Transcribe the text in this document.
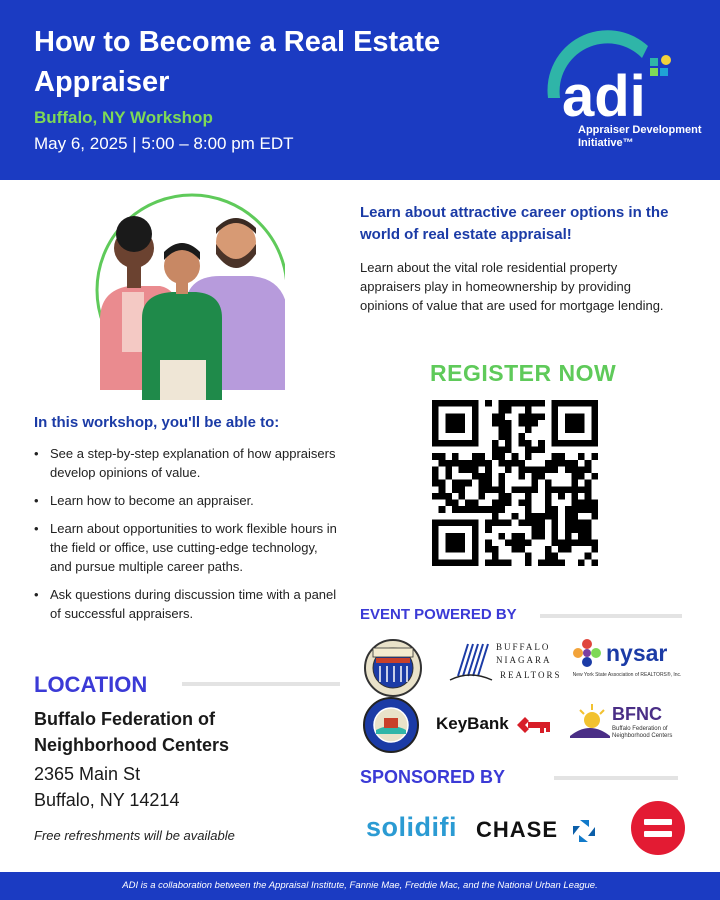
How to Become a Real Estate Appraiser
Buffalo, NY Workshop
May 6, 2025 | 5:00 – 8:00 pm EDT
adi
Appraiser Development
Initiative™
Learn about attractive career options in the world of real estate appraisal!
Learn about the vital role residential property appraisers play in homeownership by providing opinions of value that are used for mortgage lending.
REGISTER NOW
In this workshop, you'll be able to:
• See a step-by-step explanation of how appraisers develop opinions of value.
• Learn how to become an appraiser.
• Learn about opportunities to work flexible hours in the field or office, use cutting-edge technology, and pursue multiple career paths.
• Ask questions during discussion time with a panel of successful appraisers.	EVENT POWERED BY
BUFFALO
NIAGARA
REALTORS
nysar
New York State Association of REALTORS®, Inc.
KeyBank	BFNC
Buffalo Federation of Neighborhood Centers
LOCATION
Buffalo Federation of Neighborhood Centers
2365 Main St
Buffalo, NY 14214
Free refreshments will be available
SPONSORED BY
solidifi CHASE
ADI is a collaboration between the Appraisal Institute, Fannie Mae, Freddie Mac, and the National Urban League.
